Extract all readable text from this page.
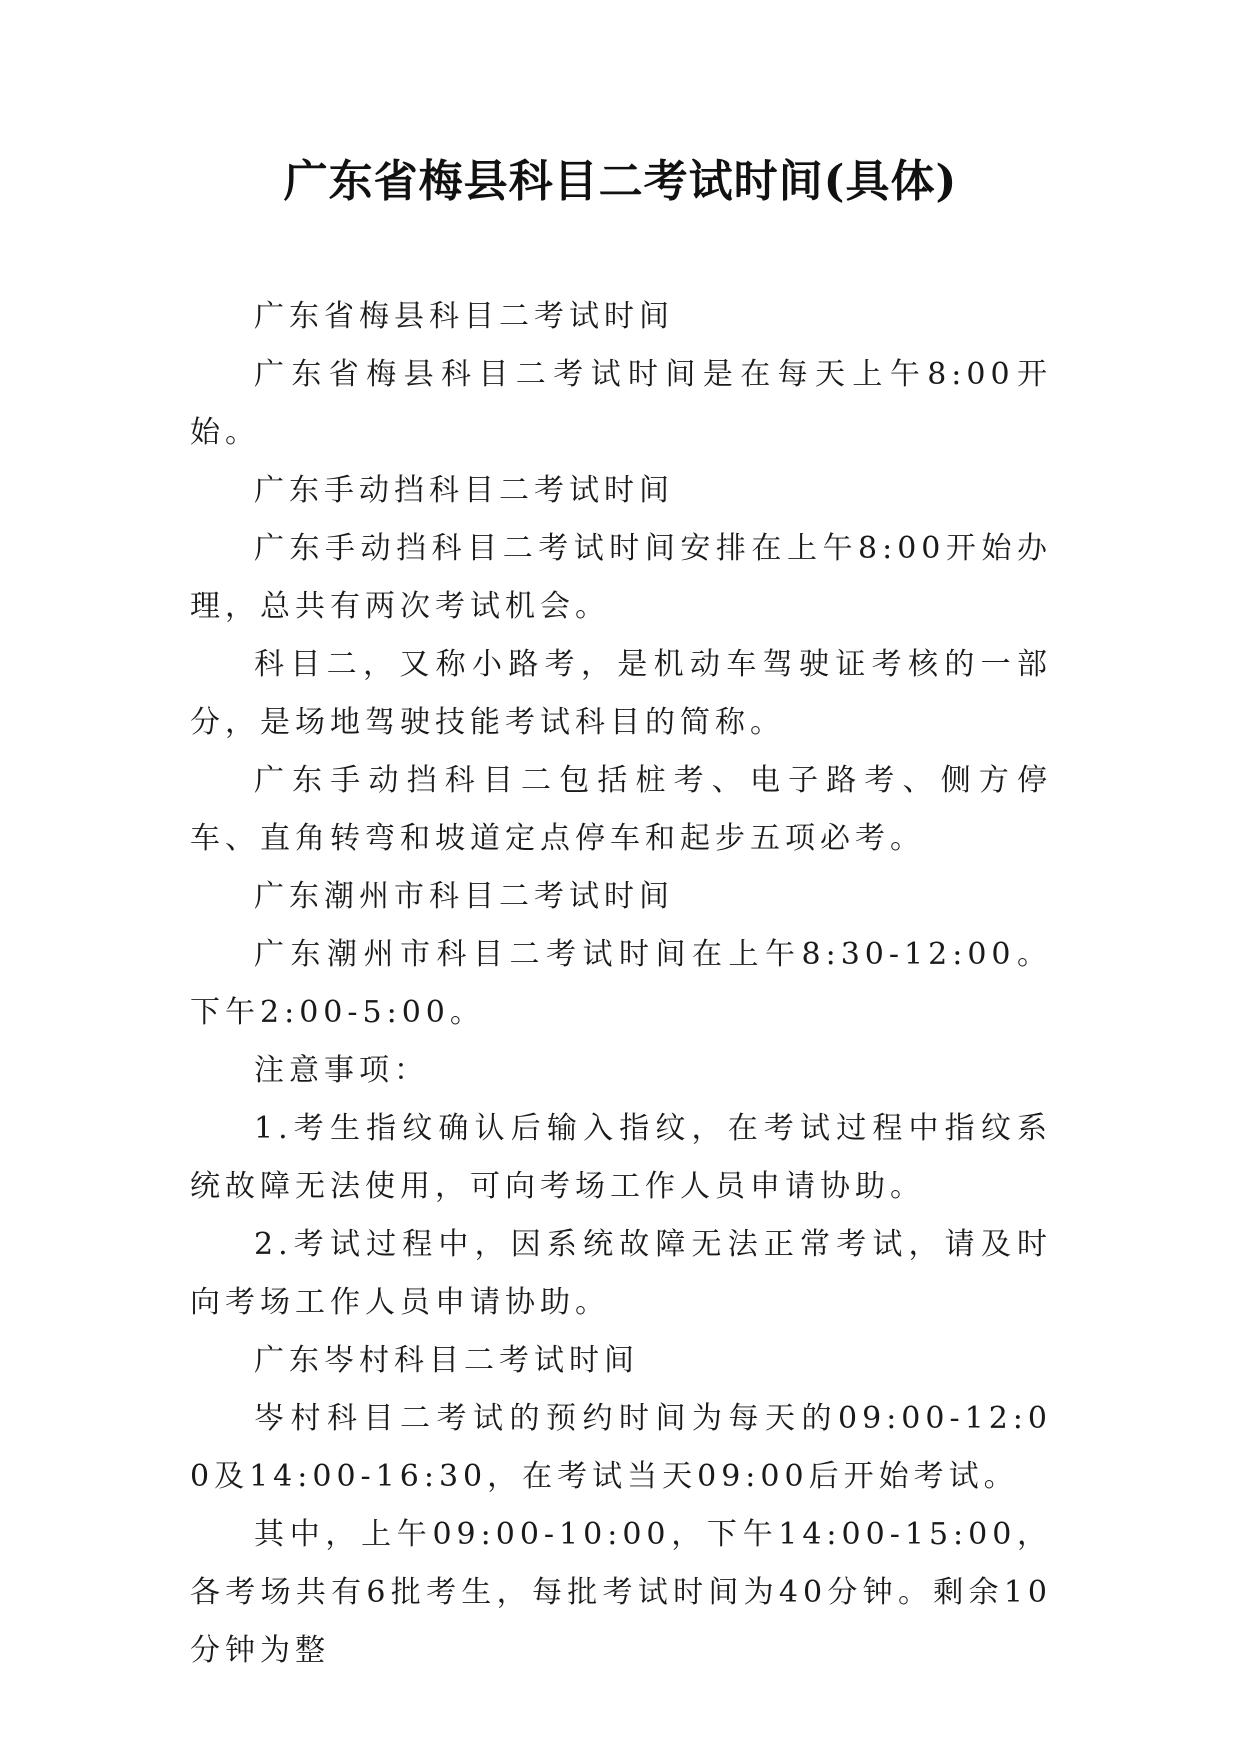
广东省梅县科目二考试时间(具体)

广东省梅县科目二考试时间

广东省梅县科目二考试时间是在每天上午8:00开始。

广东手动挡科目二考试时间

广东手动挡科目二考试时间安排在上午8:00开始办理，总共有两次考试机会。

科目二，又称小路考，是机动车驾驶证考核的一部分，是场地驾驶技能考试科目的简称。

广东手动挡科目二包括桩考、电子路考、侧方停车、直角转弯和坡道定点停车和起步五项必考。

广东潮州市科目二考试时间

广东潮州市科目二考试时间在上午8:30-12:00。下午2:00-5:00。

注意事项：

1.考生指纹确认后输入指纹，在考试过程中指纹系统故障无法使用，可向考场工作人员申请协助。

2.考试过程中，因系统故障无法正常考试，请及时向考场工作人员申请协助。

广东岑村科目二考试时间

岑村科目二考试的预约时间为每天的09:00-12:00及14:00-16:30，在考试当天09:00后开始考试。

其中，上午09:00-10:00，下午14:00-15:00，各考场共有6批考生，每批考试时间为40分钟。剩余10分钟为整
